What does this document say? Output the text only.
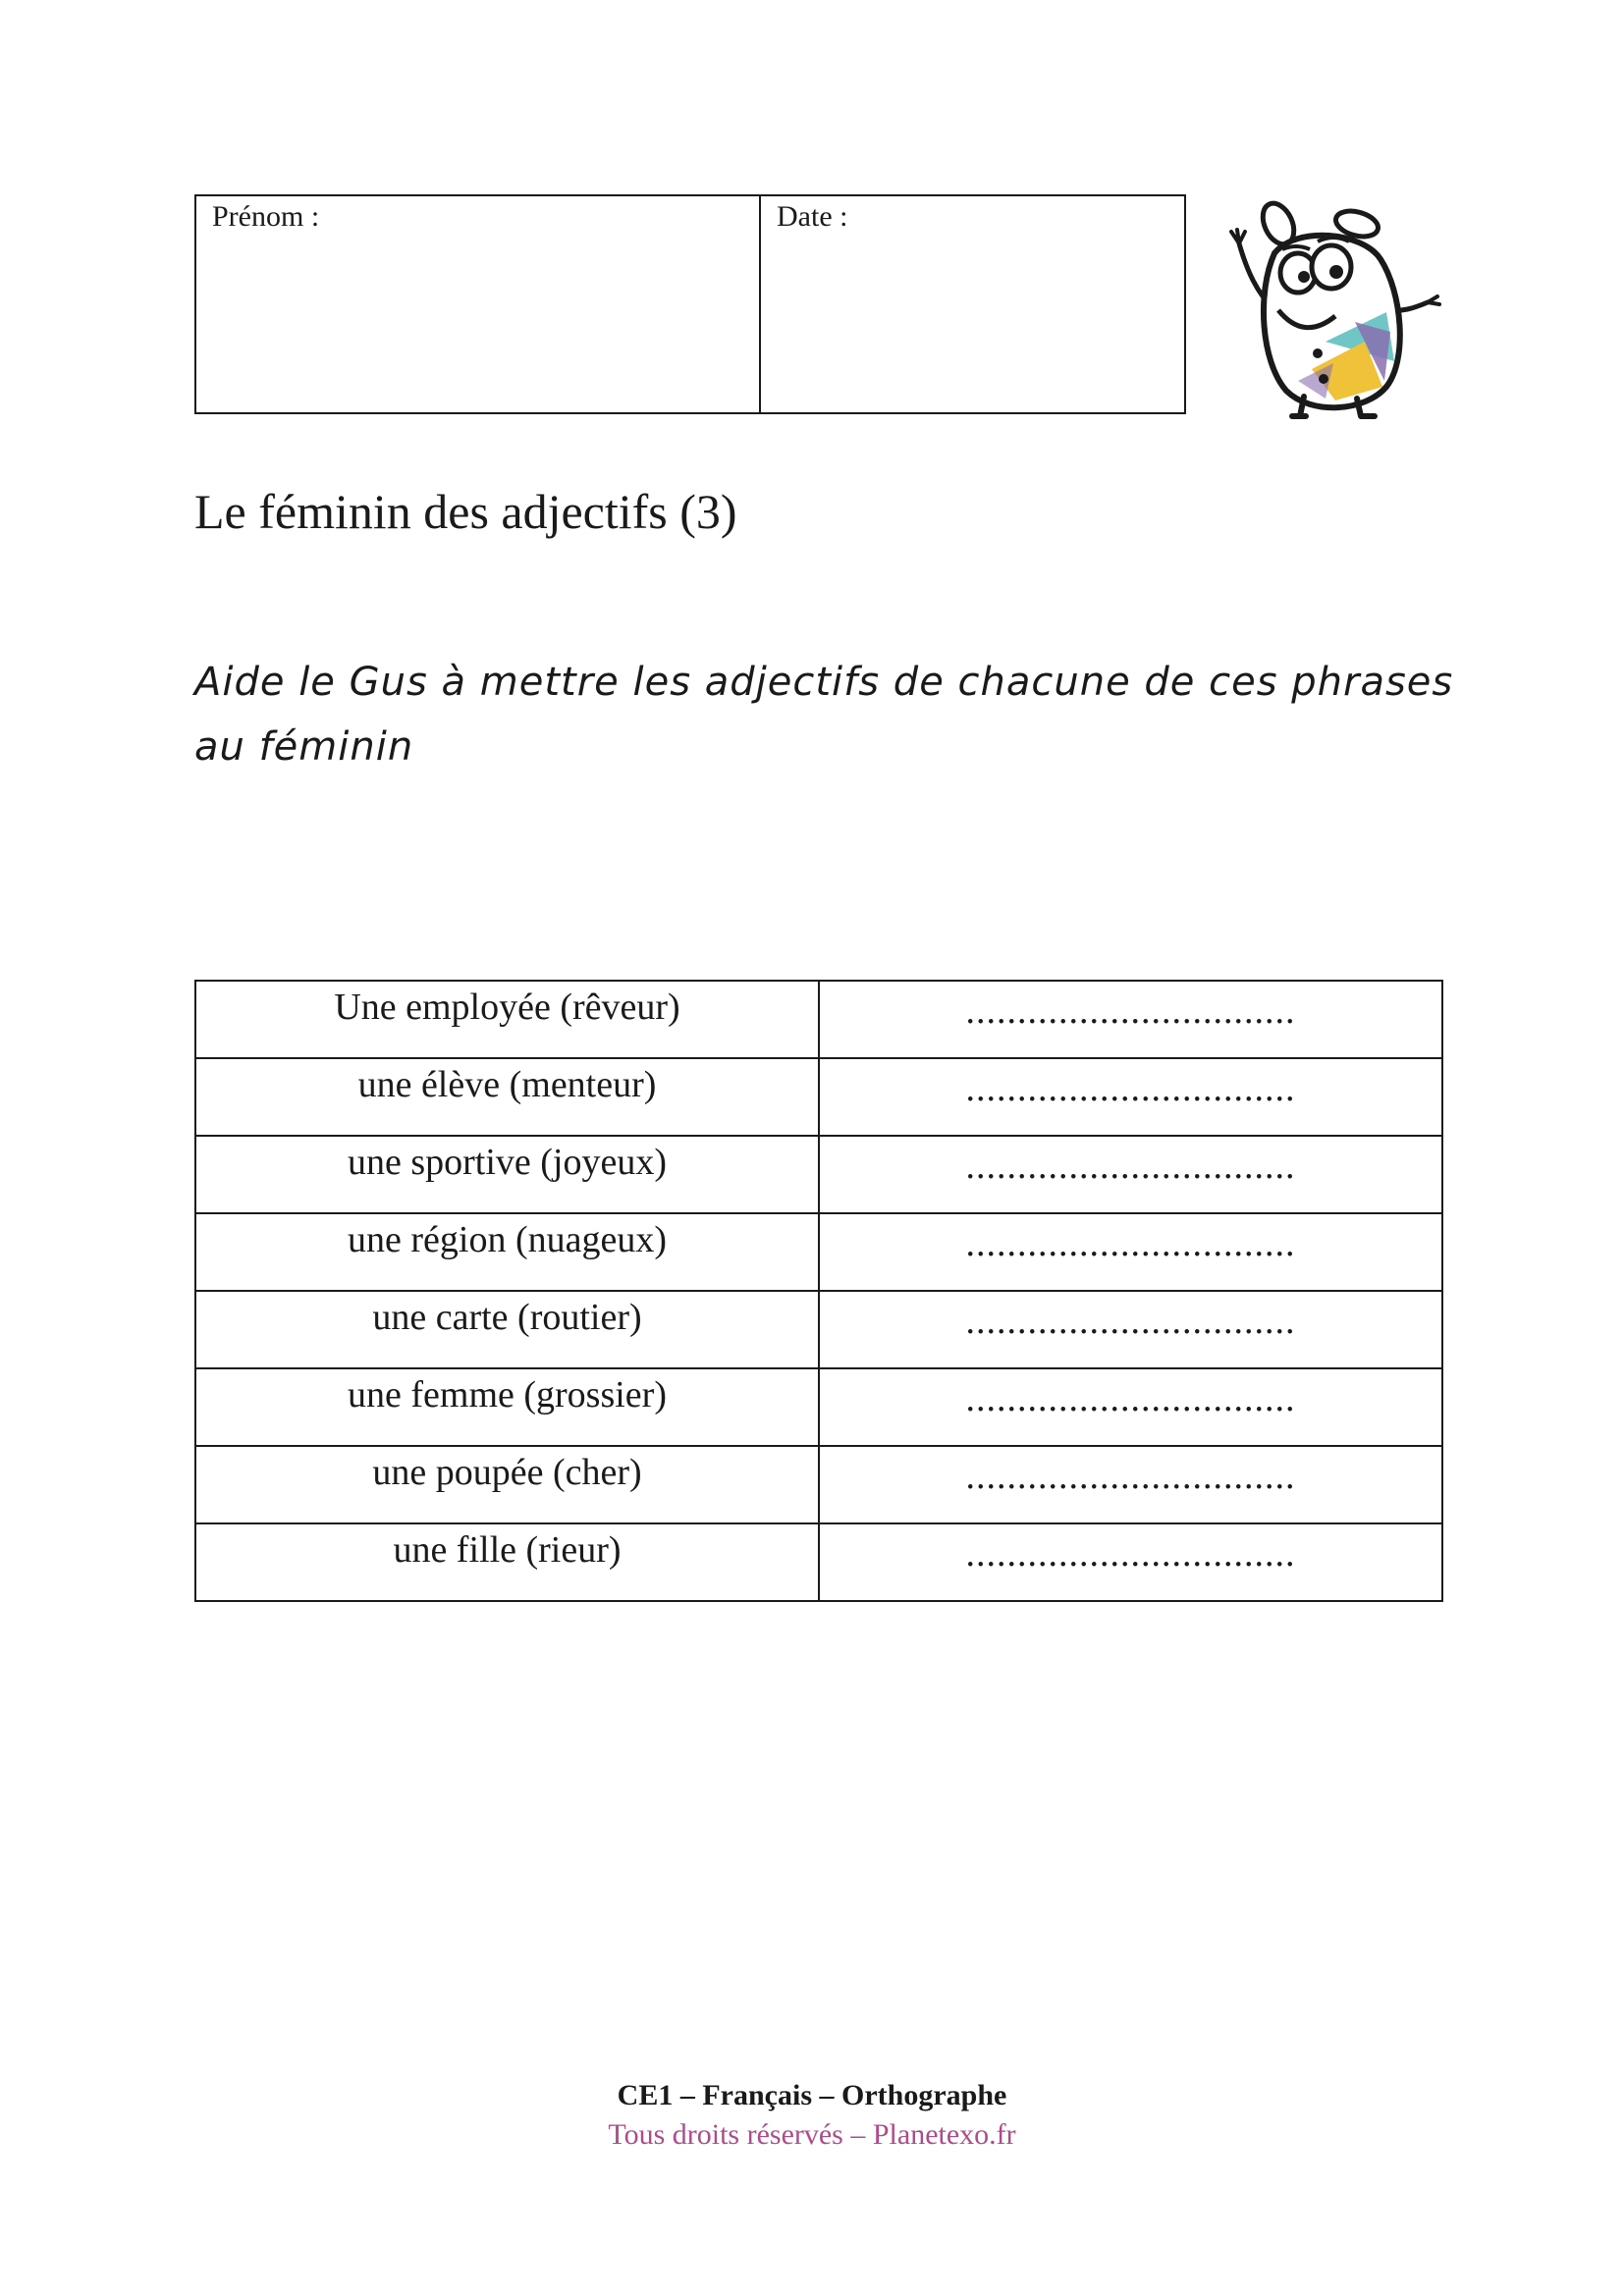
Prénom :	Date :
Le féminin des adjectifs (3)

Aide le Gus à mettre les adjectifs de chacune de ces phrases au féminin

Une employée (rêveur)	................................
une élève (menteur)	................................
une sportive (joyeux)	................................
une région (nuageux)	................................
une carte (routier)	................................
une femme (grossier)	................................
une poupée (cher)	................................
une fille (rieur)	................................
CE1 – Français – Orthographe
Tous droits réservés – Planetexo.fr
